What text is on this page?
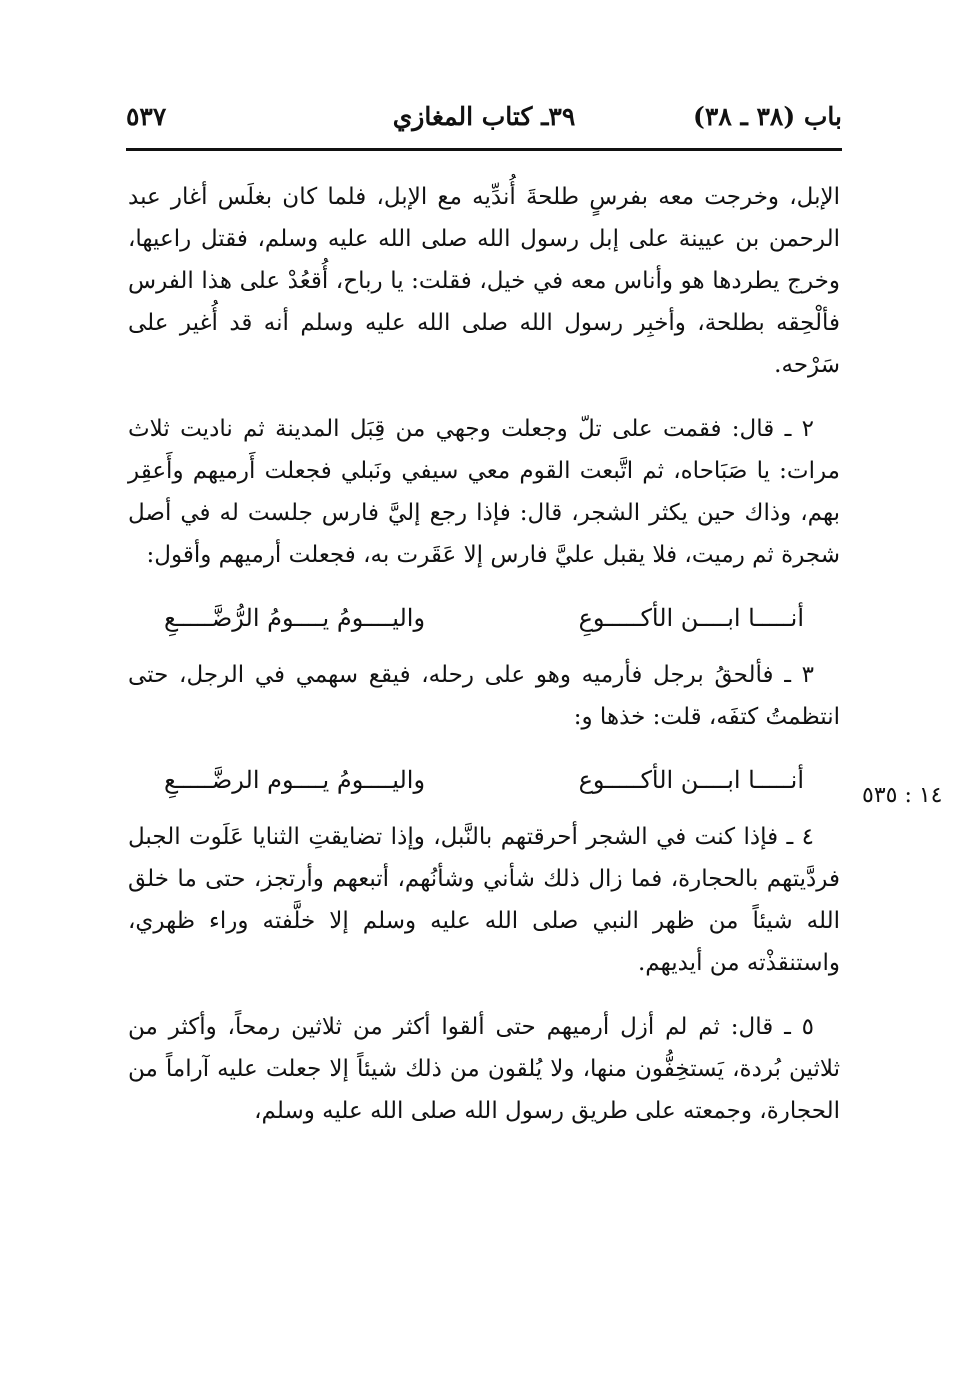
باب (٣٨ ـ ٣٨)
٣٩ـ كتاب المغازي
٥٣٧
١٤ : ٥٣٥

الإبل، وخرجت معه بفرسٍ طلحةَ أُندِّيه مع الإبل، فلما كان بغلَس أغار عبد الرحمن بن عيينة على إبل رسول الله صلى الله عليه وسلم، فقتل راعيها، وخرج يطردها هو وأناس معه في خيل، فقلت: يا رباح، أُقعُدْ على هذا الفرس فألْحِقه بطلحة، وأخبِر رسول الله صلى الله عليه وسلم أنه قد أُغير على سَرْحه.

٢ ـ قال: فقمت على تلّ وجعلت وجهي من قِبَل المدينة ثم ناديت ثلاث مرات: يا صَبَاحاه، ثم اتَّبعت القوم معي سيفي ونَبلي فجعلت أَرميهم وأَعقِر بهم، وذاك حين يكثر الشجر، قال: فإذا رجع إليَّ فارس جلست له في أصل شجرة ثم رميت، فلا يقبل عليَّ فارس إلا عَقَرت به، فجعلت أرميهم وأقول:

أنـــــا ابــــن الأكـــــوعِ
واليــــومُ يــــومُ الرُّضَّـــــعِ

٣ ـ فألحقُ برجل فأرميه وهو على رحله، فيقع سهمي في الرجل، حتى انتظمتُ كتفَه، قلت: خذها و:

أنـــــا ابــــن الأكـــــوع
واليــــومُ يــــوم الرضَّـــــعِ

٤ ـ فإذا كنت في الشجر أحرقتهم بالنَّبل، وإذا تضايقتِ الثنايا عَلَوت الجبل فردَّيتهم بالحجارة، فما زال ذلك شأني وشأنُهم، أتبعهم وأرتجز، حتى ما خلق الله شيئاً من ظهر النبي صلى الله عليه وسلم إلا خلَّفته وراء ظهري، واستنقذْته من أيديهم.

٥ ـ قال: ثم لم أزل أرميهم حتى ألقوا أكثر من ثلاثين رمحاً، وأكثر من ثلاثين بُردة، يَستخِفُّون منها، ولا يُلقون من ذلك شيئاً إلا جعلت عليه آراماً من الحجارة، وجمعته على طريق رسول الله صلى الله عليه وسلم،
